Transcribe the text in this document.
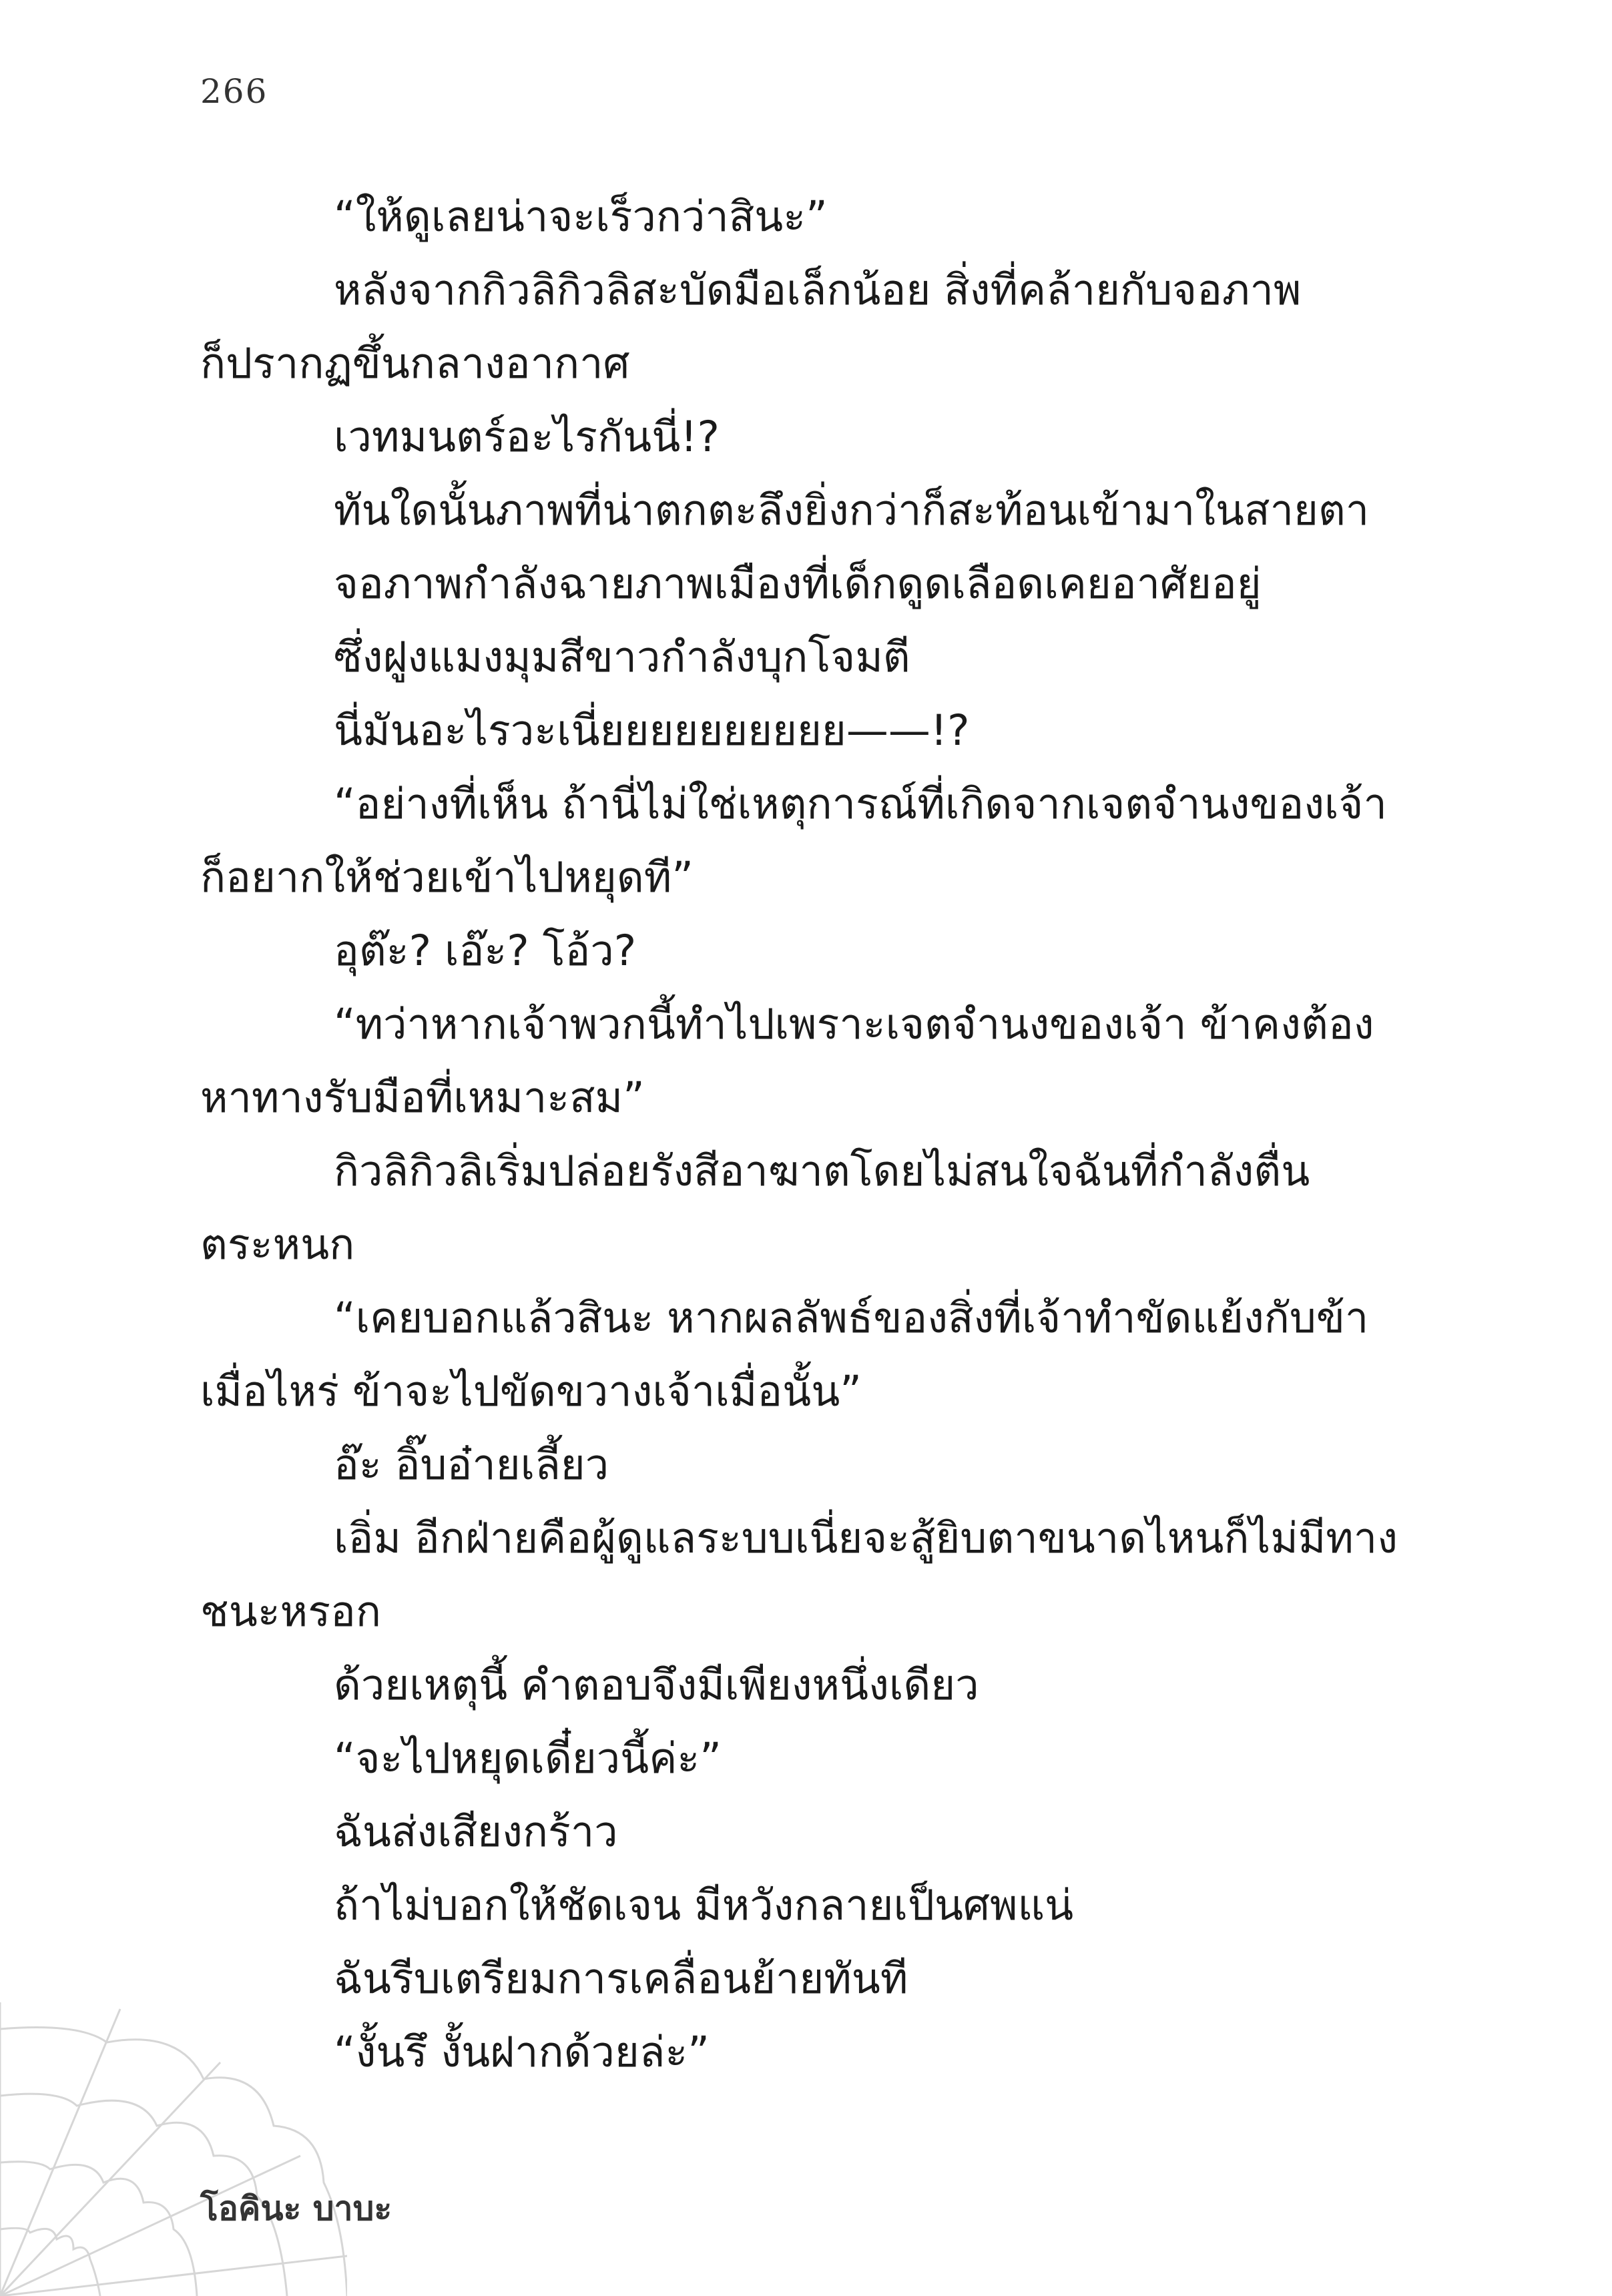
266

“ให้ดูเลยน่าจะเร็วกว่าสินะ”

หลังจากกิวลิกิวลิสะบัดมือเล็กน้อย สิ่งที่คล้ายกับจอภาพ
ก็ปรากฏขึ้นกลางอากาศ

เวทมนตร์อะไรกันนี่!?

ทันใดนั้นภาพที่น่าตกตะลึงยิ่งกว่าก็สะท้อนเข้ามาในสายตา

จอภาพกำลังฉายภาพเมืองที่เด็กดูดเลือดเคยอาศัยอยู่

ซึ่งฝูงแมงมุมสีขาวกำลังบุกโจมตี

นี่มันอะไรวะเนี่ยยยยยยยยยย——!?

“อย่างที่เห็น ถ้านี่ไม่ใช่เหตุการณ์ที่เกิดจากเจตจำนงของเจ้า
ก็อยากให้ช่วยเข้าไปหยุดที”

อุต๊ะ? เอ๊ะ? โอ้ว?

“ทว่าหากเจ้าพวกนี้ทำไปเพราะเจตจำนงของเจ้า ข้าคงต้อง
หาทางรับมือที่เหมาะสม”

กิวลิกิวลิเริ่มปล่อยรังสีอาฆาตโดยไม่สนใจฉันที่กำลังตื่น
ตระหนก

“เคยบอกแล้วสินะ หากผลลัพธ์ของสิ่งที่เจ้าทำขัดแย้งกับข้า
เมื่อไหร่ ข้าจะไปขัดขวางเจ้าเมื่อนั้น”

อ๊ะ อิ๊บอ๋ายเลี้ยว

เอิ่ม อีกฝ่ายคือผู้ดูแลระบบเนี่ยจะสู้ยิบตาขนาดไหนก็ไม่มีทาง
ชนะหรอก

ด้วยเหตุนี้ คำตอบจึงมีเพียงหนึ่งเดียว

“จะไปหยุดเดี๋ยวนี้ค่ะ”

ฉันส่งเสียงกร้าว

ถ้าไม่บอกให้ชัดเจน มีหวังกลายเป็นศพแน่

ฉันรีบเตรียมการเคลื่อนย้ายทันที

“งั้นรึ งั้นฝากด้วยล่ะ”

โอคินะ บาบะ
